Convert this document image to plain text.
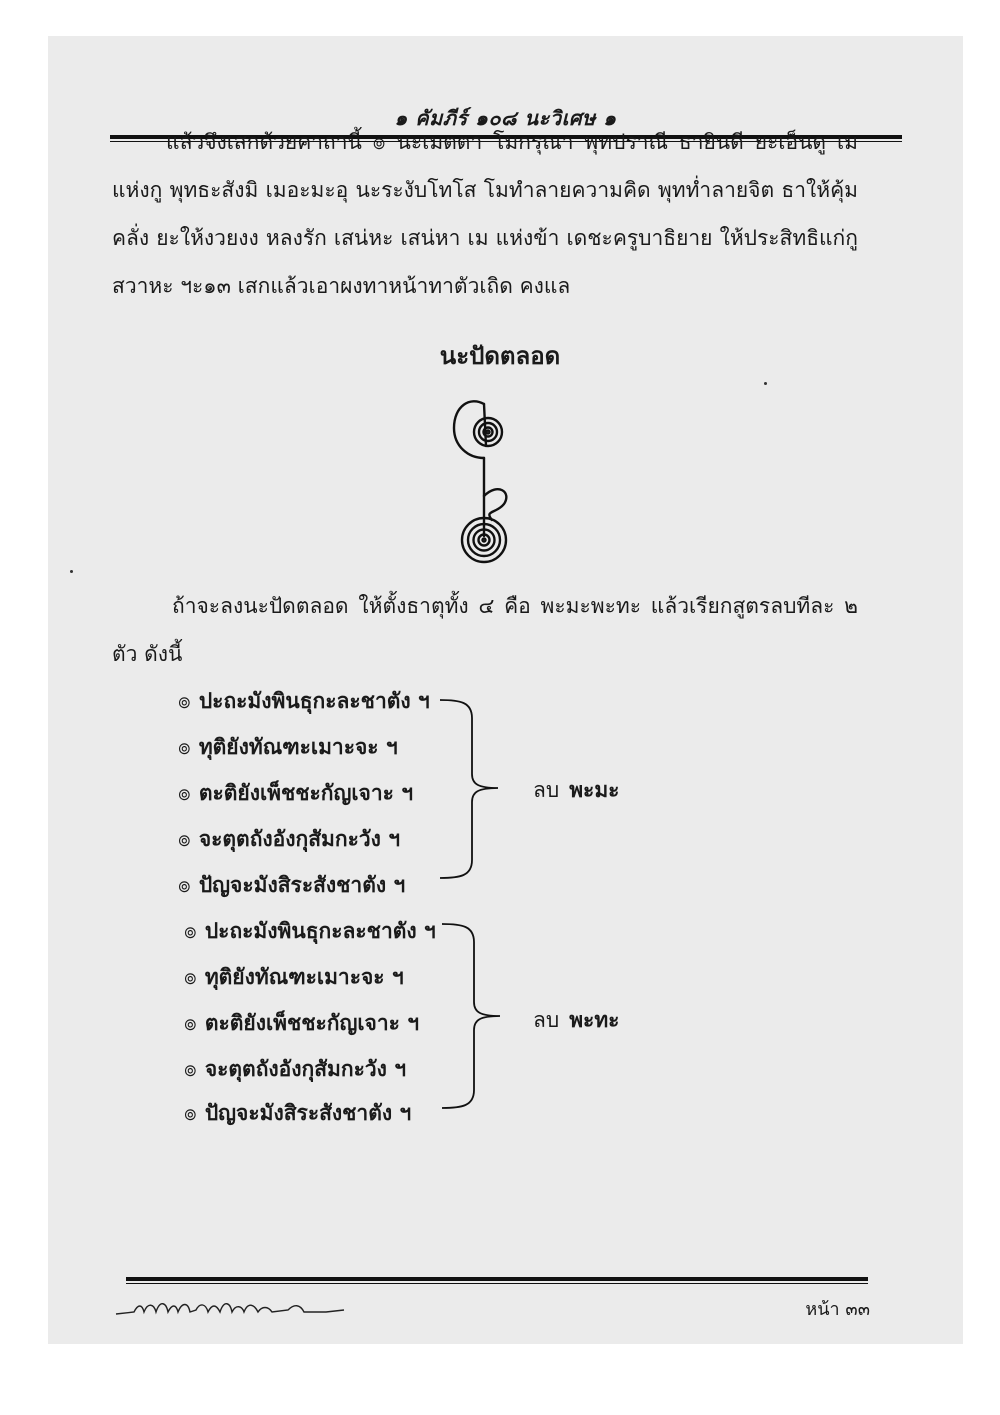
๑ คัมภีร์ ๑๐๘ นะวิเศษ ๑
แล้วจึงเสกด้วยคาถานี้ ๏ นะเมตตา โมกรุณา พุทปราณี ธายินดี ยะเอ็นดู เม แห่งกู พุทธะสังมิ เมอะมะอุ นะระงับโทโส โมทำลายความคิด พุทท่ำลายจิต ธาให้คุ้ม คลั่ง ยะให้งวยงง หลงรัก เสน่หะ เสน่หา เม แห่งข้า เดชะครูบาธิยาย ให้ประสิทธิแก่กู สวาหะ ฯะ๑๓ เสกแล้วเอาผงทาหน้าทาตัวเถิด คงแล
นะปัดตลอด
ถ้าจะลงนะปัดตลอด ให้ตั้งธาตุทั้ง ๔ คือ พะมะพะทะ แล้วเรียกสูตรลบทีละ ๒ ตัว ดังนี้
๏ ปะถะมังพินธุกะละชาตัง ฯ
๏ ทุติยังทัณฑะเมาะจะ ฯ
๏ ตะติยังเพ็ชชะกัญเจาะ ฯ
๏ จะตุตถังอังกุสัมกะวัง ฯ
๏ ปัญจะมังสิระสังชาตัง ฯ
ลบ พะมะ
๏ ปะถะมังพินธุกะละชาตัง ฯ
๏ ทุติยังทัณฑะเมาะจะ ฯ
๏ ตะติยังเพ็ชชะกัญเจาะ ฯ
๏ จะตุตถังอังกุสัมกะวัง ฯ
๏ ปัญจะมังสิระสังชาตัง ฯ
ลบ พะทะ
หน้า ๓๓
